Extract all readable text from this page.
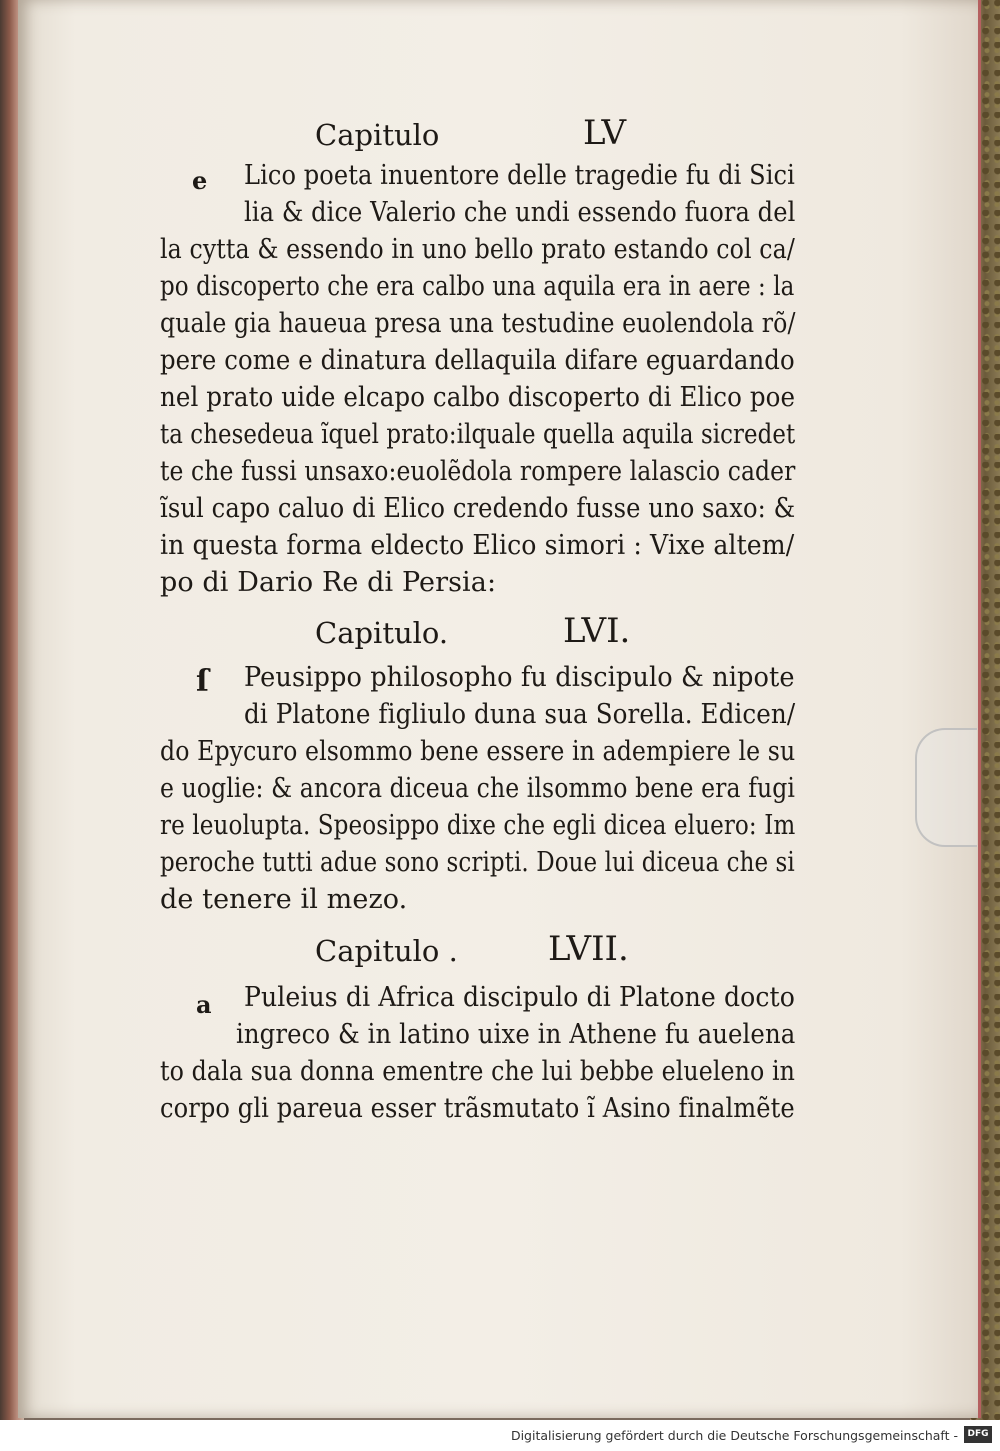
Capitulo	LV
e Lico poeta inuentore delle tragedie fu di Sici
lia & dice Valerio che undi essendo fuora del
la cytta & essendo in uno bello prato estando col ca/
po discoperto che era calbo una aquila era in aere : la
quale gia haueua presa una testudine euolendola rõ/
pere come e dinatura dellaquila difare eguardando
nel prato uide elcapo calbo discoperto di Elico poe
ta chesedeua ĩquel prato:ilquale quella aquila sicredet
te che fussi unsaxo:euolẽdola rompere lalascio cader
ĩsul capo caluo di Elico credendo fusse uno saxo: &
in questa forma eldecto Elico simori : Vixe altem/
po di Dario Re di Persia:
Capitulo.	LVI.
ſ Peusippo philosopho fu discipulo & nipote
di Platone figliulo duna sua Sorella. Edicen/
do Epycuro elsommo bene essere in adempiere le su
e uoglie: & ancora diceua che ilsommo bene era fugi
re leuolupta. Speosippo dixe che egli dicea eluero: Im
peroche tutti adue sono scripti. Doue lui diceua che si
de tenere il mezo.
Capitulo .	LVII.
a Puleius di Africa discipulo di Platone docto
ingreco & in latino uixe in Athene fu auelena
to dala sua donna ementre che lui bebbe elueleno in
corpo gli pareua esser trãsmutato ĩ Asino finalmẽte
Digitalisierung gefördert durch die Deutsche Forschungsgemeinschaft -	DFG
